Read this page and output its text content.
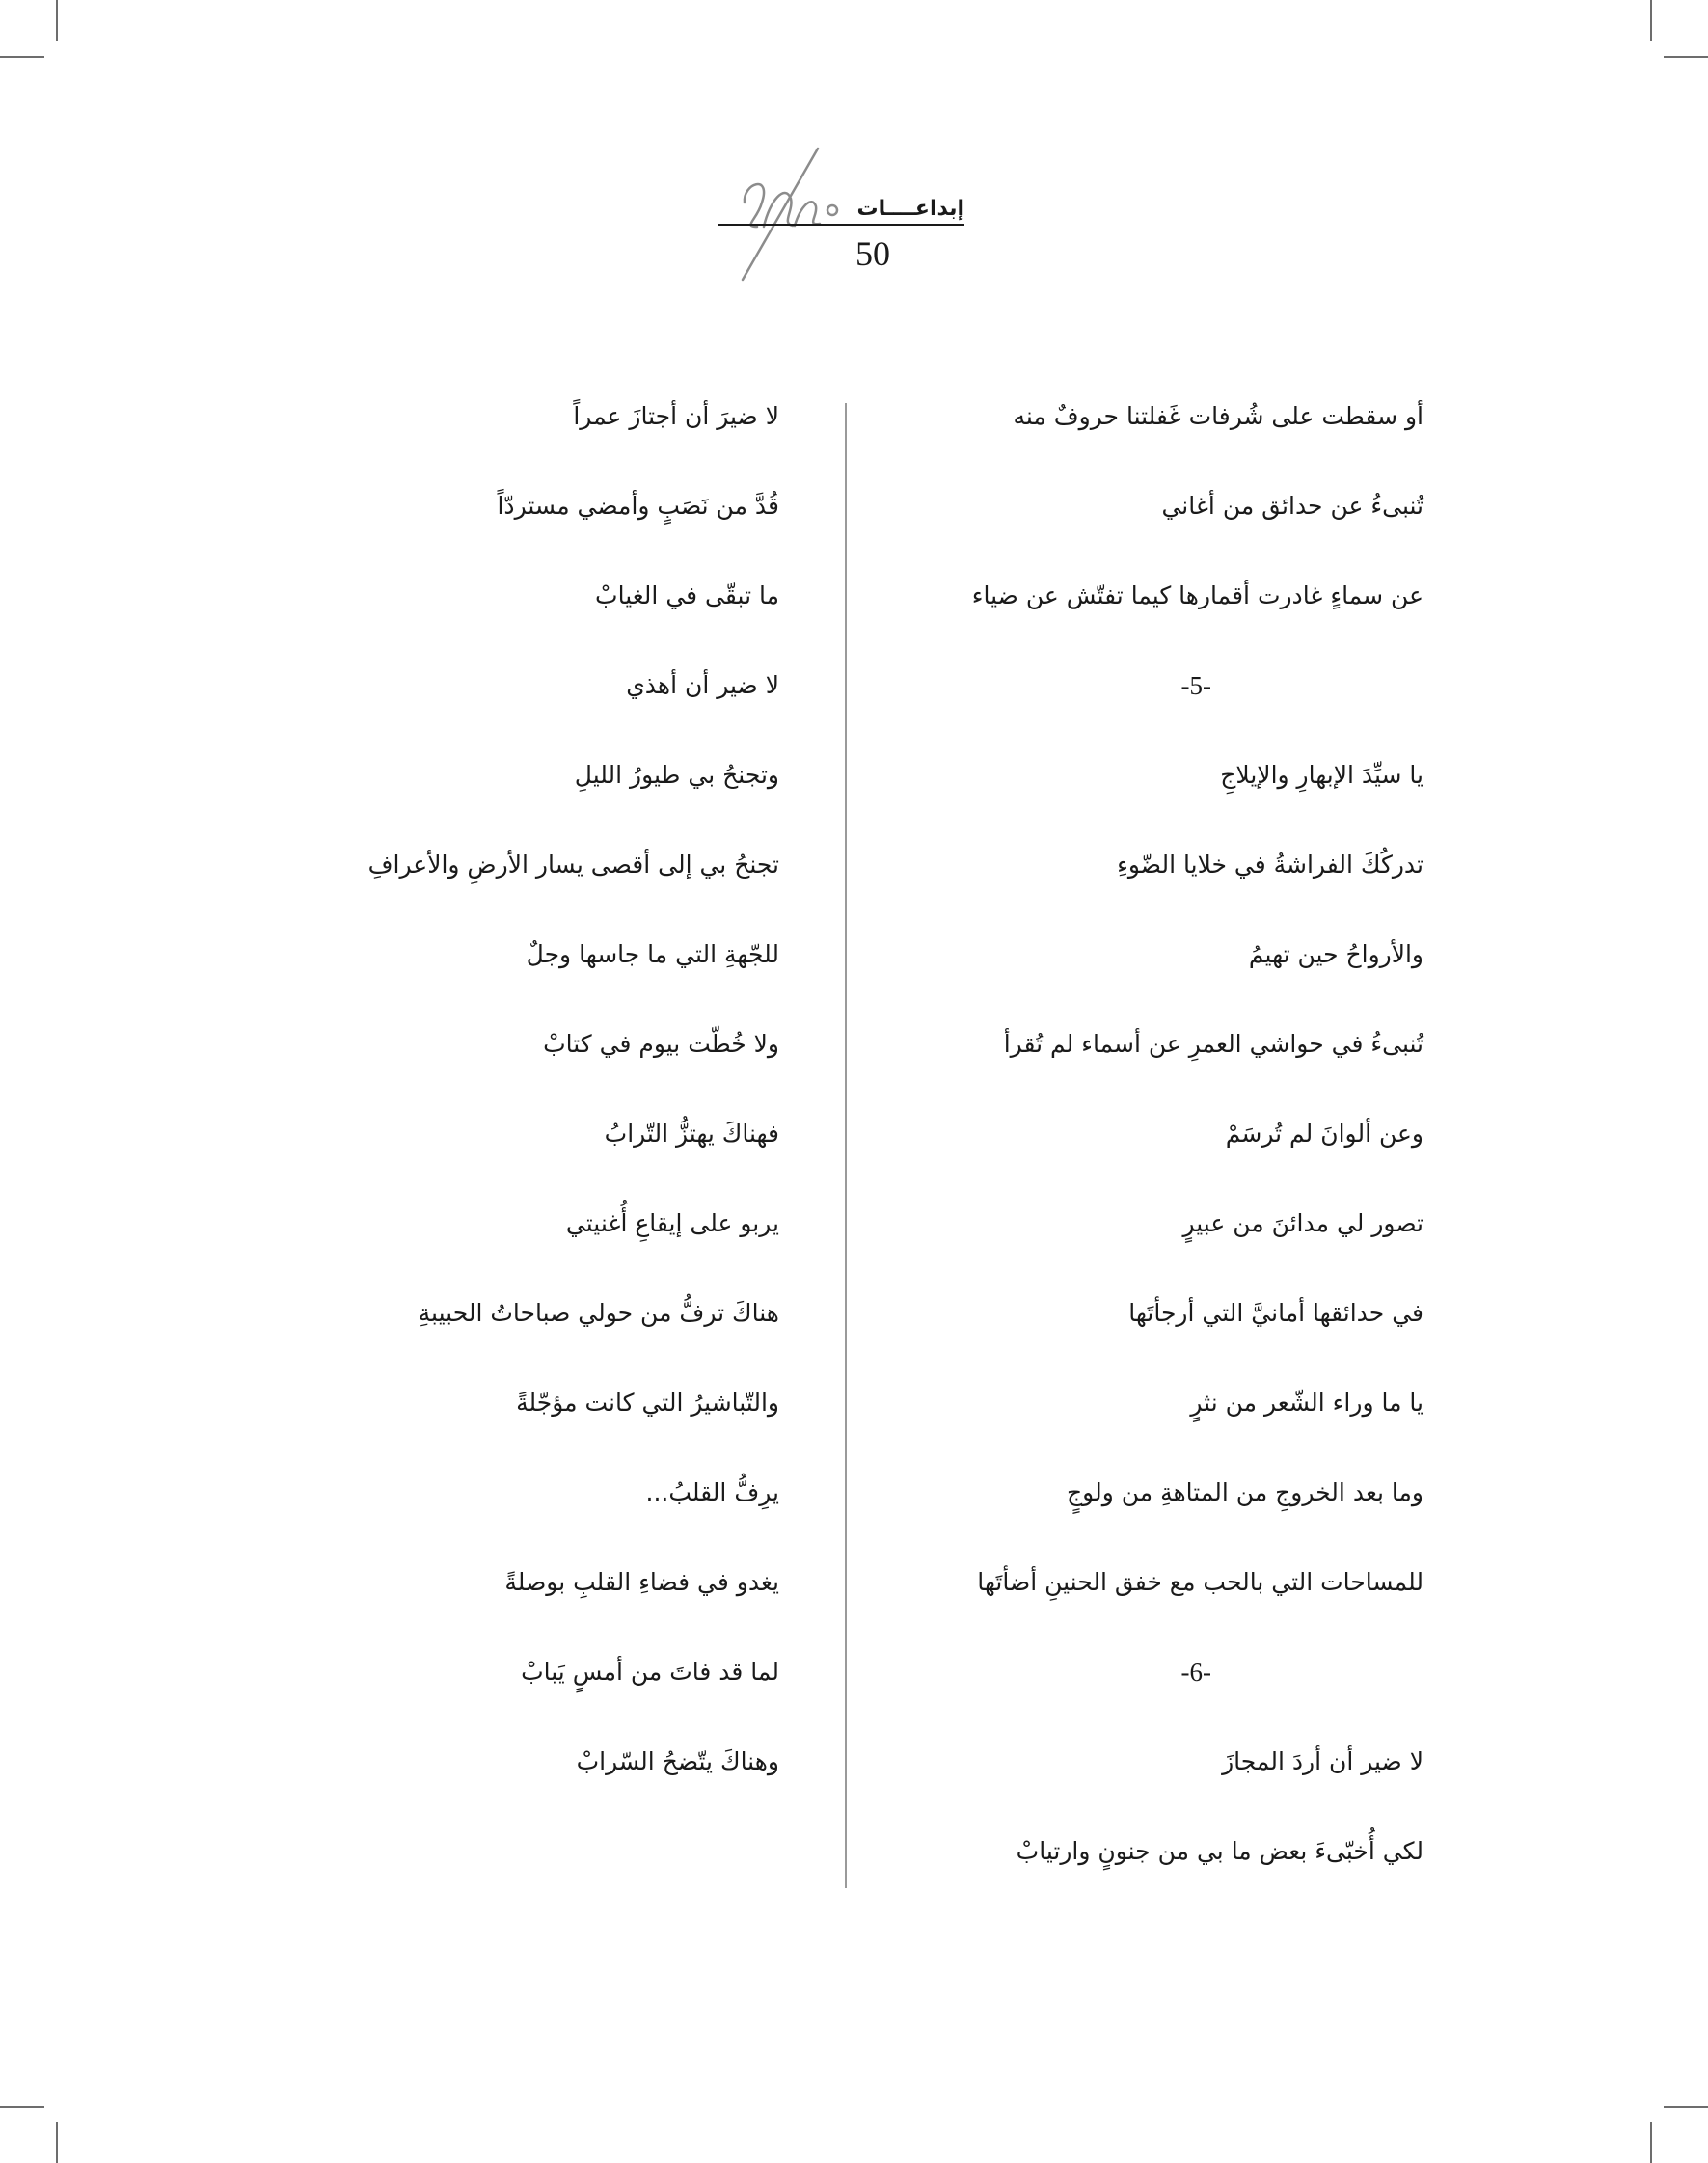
إبداعــــات
50
أو سقطت على شُرفات غَفلتنا حروفٌ منه
تُنبىءُ عن حدائق من أغاني
عن سماءٍ غادرت أقمارها كيما تفتّش عن ضياء
-5-
يا سيِّدَ الإبهارِ والإيلاجِ
تدركُكَ الفراشةُ في خلايا الضّوءِ
والأرواحُ حين تهيمُ
تُنبىءُ في حواشي العمرِ عن أسماء لم تُقرأ
وعن ألوانَ لم تُرسَمْ
تصور لي مدائنَ من عبيرٍ
في حدائقها أمانيَّ التي أرجأتَها
يا ما وراء الشّعر من نثرٍ
وما بعد الخروجِ من المتاهةِ من ولوجٍ
للمساحات التي بالحب مع خفق الحنينِ أضأتَها
-6-
لا ضير أن أردَ المجازَ
لكي أُخبّىءَ بعض ما بي من جنونٍ وارتيابْ
لا ضيرَ أن أجتازَ عمراً
قُدَّ من نَصَبٍ وأمضي مستردّاً
ما تبقّى في الغيابْ
لا ضير أن أهذي
وتجنحُ بي طيورُ الليلِ
تجنحُ بي إلى أقصى يسار الأرضِ والأعرافِ
للجّهةِ التي ما جاسها وجلٌ
ولا خُطّت بيوم في كتابْ
فهناكَ يهتزُّ التّرابُ
يربو على إيقاعِ أُغنيتي
هناكَ ترفُّ من حولي صباحاتُ الحبيبةِ
والتّباشيرُ التي كانت مؤجّلةً
يرِفُّ القلبُ...
يغدو في فضاءِ القلبِ بوصلةً
لما قد فاتَ من أمسٍ يَبابْ
وهناكَ يتّضحُ السّرابْ
